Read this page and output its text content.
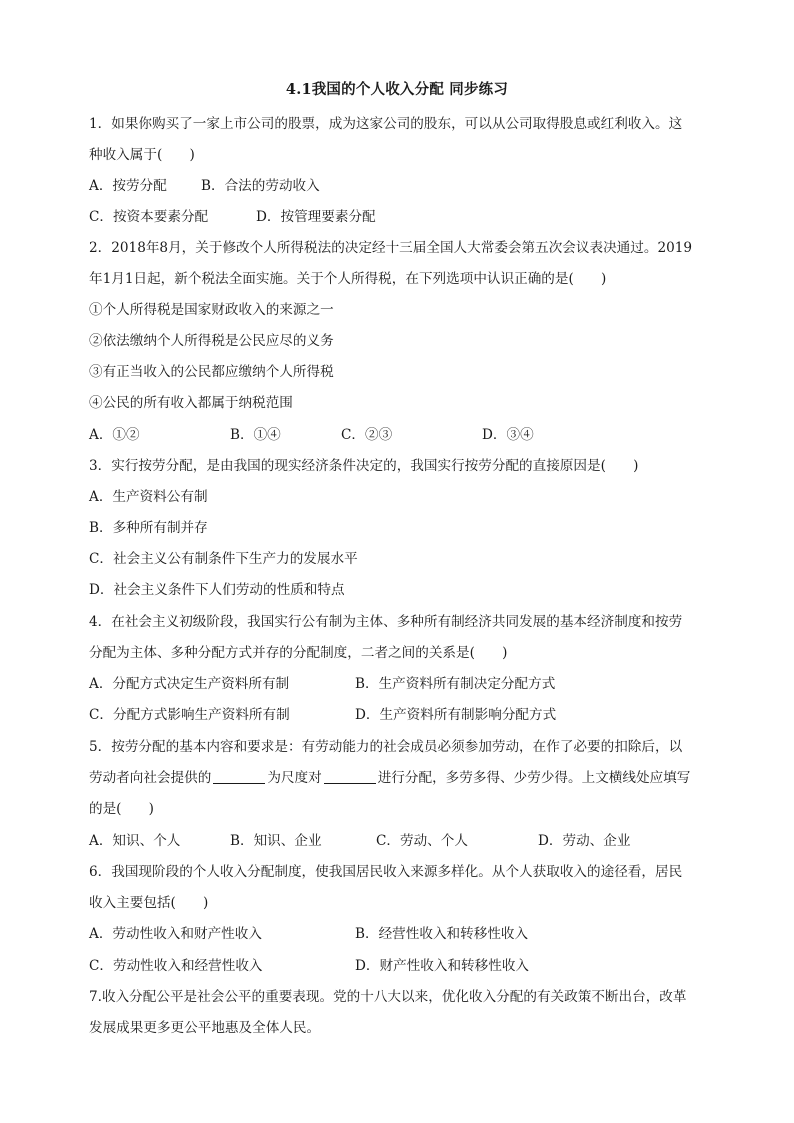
4.1我国的个人收入分配 同步练习
1．如果你购买了一家上市公司的股票，成为这家公司的股东，可以从公司取得股息或红利收入。这
种收入属于(　　)
A．按劳分配	B．合法的劳动收入
C．按资本要素分配	D．按管理要素分配
2．2018年8月，关于修改个人所得税法的决定经十三届全国人大常委会第五次会议表决通过。2019
年1月1日起，新个税法全面实施。关于个人所得税，在下列选项中认识正确的是(　　)
①个人所得税是国家财政收入的来源之一
②依法缴纳个人所得税是公民应尽的义务
③有正当收入的公民都应缴纳个人所得税
④公民的所有收入都属于纳税范围
A．①②	B．①④	C．②③	D．③④
3．实行按劳分配，是由我国的现实经济条件决定的，我国实行按劳分配的直接原因是(　　)
A．生产资料公有制
B．多种所有制并存
C．社会主义公有制条件下生产力的发展水平
D．社会主义条件下人们劳动的性质和特点
4．在社会主义初级阶段，我国实行公有制为主体、多种所有制经济共同发展的基本经济制度和按劳
分配为主体、多种分配方式并存的分配制度，二者之间的关系是(　　)
A．分配方式决定生产资料所有制	B．生产资料所有制决定分配方式
C．分配方式影响生产资料所有制	D．生产资料所有制影响分配方式
5．按劳分配的基本内容和要求是：有劳动能力的社会成员必须参加劳动，在作了必要的扣除后，以
劳动者向社会提供的	为尺度对	进行分配，多劳多得、少劳少得。上文横线处应填写
的是(　　)
A．知识、个人	B．知识、企业	C．劳动、个人	D．劳动、企业
6．我国现阶段的个人收入分配制度，使我国居民收入来源多样化。从个人获取收入的途径看，居民
收入主要包括(　　)
A．劳动性收入和财产性收入	B．经营性收入和转移性收入
C．劳动性收入和经营性收入	D．财产性收入和转移性收入
7.收入分配公平是社会公平的重要表现。党的十八大以来，优化收入分配的有关政策不断出台，改革
发展成果更多更公平地惠及全体人民。
